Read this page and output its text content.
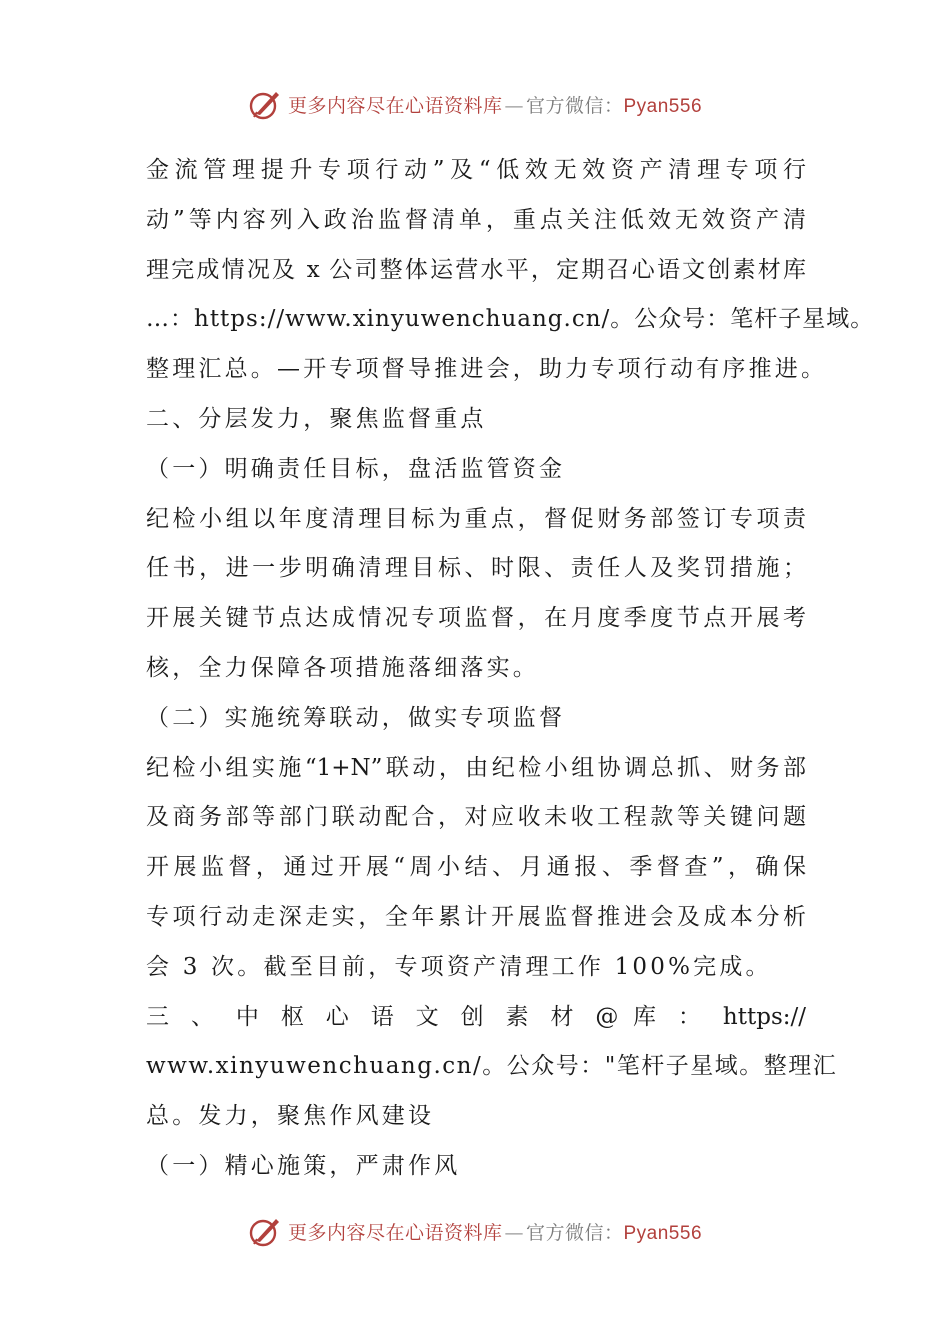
更多内容尽在心语资料库 — 官方微信：Pyan556
金流管理提升专项行动”及“低效无效资产清理专项行
动”等内容列入政治监督清单，重点关注低效无效资产清
理完成情况及 x 公司整体运营水平，定期召心语文创素材库
…：https://www.xinyuwenchuang.cn/。公众号：笔杆子星域。
整理汇总。—开专项督导推进会，助力专项行动有序推进。
二、分层发力，聚焦监督重点
（一）明确责任目标，盘活监管资金
纪检小组以年度清理目标为重点，督促财务部签订专项责
任书，进一步明确清理目标、时限、责任人及奖罚措施；
开展关键节点达成情况专项监督，在月度季度节点开展考
核，全力保障各项措施落细落实。
（二）实施统筹联动，做实专项监督
纪检小组实施“1+N”联动，由纪检小组协调总抓、财务部
及商务部等部门联动配合，对应收未收工程款等关键问题
开展监督，通过开展“周小结、月通报、季督查”，确保
专项行动走深走实，全年累计开展监督推进会及成本分析
会 3 次。截至目前，专项资产清理工作 100%完成。
三 、 中 枢 心 语 文 创 素 材 @ 库 ： https://
www.xinyuwenchuang.cn/。公众号："笔杆子星域。整理汇
总。发力，聚焦作风建设
（一）精心施策，严肃作风
更多内容尽在心语资料库 — 官方微信：Pyan556
